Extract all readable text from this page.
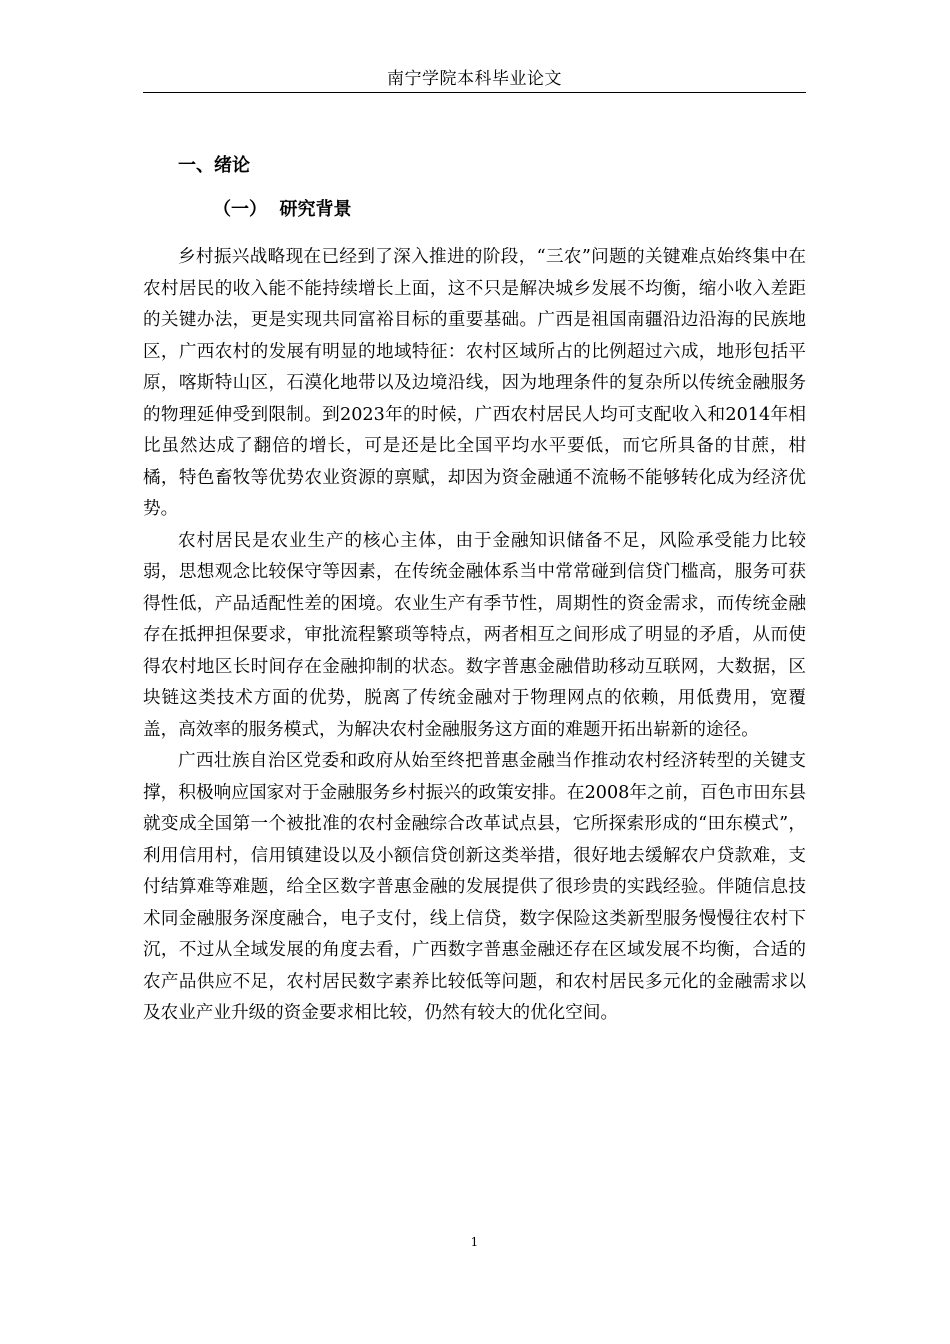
南宁学院本科毕业论文
一、绪论
（一）  研究背景

乡村振兴战略现在已经到了深入推进的阶段，“三农”问题的关键难点始终集中在农村居民的收入能不能持续增长上面，这不只是解决城乡发展不均衡，缩小收入差距的关键办法，更是实现共同富裕目标的重要基础。广西是祖国南疆沿边沿海的民族地区，广西农村的发展有明显的地域特征：农村区域所占的比例超过六成，地形包括平原，喀斯特山区，石漠化地带以及边境沿线，因为地理条件的复杂所以传统金融服务的物理延伸受到限制。到2023年的时候，广西农村居民人均可支配收入和2014年相比虽然达成了翻倍的增长，可是还是比全国平均水平要低，而它所具备的甘蔗，柑橘，特色畜牧等优势农业资源的禀赋，却因为资金融通不流畅不能够转化成为经济优势。

农村居民是农业生产的核心主体，由于金融知识储备不足，风险承受能力比较弱，思想观念比较保守等因素，在传统金融体系当中常常碰到信贷门槛高，服务可获得性低，产品适配性差的困境。农业生产有季节性，周期性的资金需求，而传统金融存在抵押担保要求，审批流程繁琐等特点，两者相互之间形成了明显的矛盾，从而使得农村地区长时间存在金融抑制的状态。数字普惠金融借助移动互联网，大数据，区块链这类技术方面的优势，脱离了传统金融对于物理网点的依赖，用低费用，宽覆盖，高效率的服务模式，为解决农村金融服务这方面的难题开拓出崭新的途径。

广西壮族自治区党委和政府从始至终把普惠金融当作推动农村经济转型的关键支撑，积极响应国家对于金融服务乡村振兴的政策安排。在2008年之前，百色市田东县就变成全国第一个被批准的农村金融综合改革试点县，它所探索形成的“田东模式”，利用信用村，信用镇建设以及小额信贷创新这类举措，很好地去缓解农户贷款难，支付结算难等难题，给全区数字普惠金融的发展提供了很珍贵的实践经验。伴随信息技术同金融服务深度融合，电子支付，线上信贷，数字保险这类新型服务慢慢往农村下沉，不过从全域发展的角度去看，广西数字普惠金融还存在区域发展不均衡，合适的农产品供应不足，农村居民数字素养比较低等问题，和农村居民多元化的金融需求以及农业产业升级的资金要求相比较，仍然有较大的优化空间。

1
